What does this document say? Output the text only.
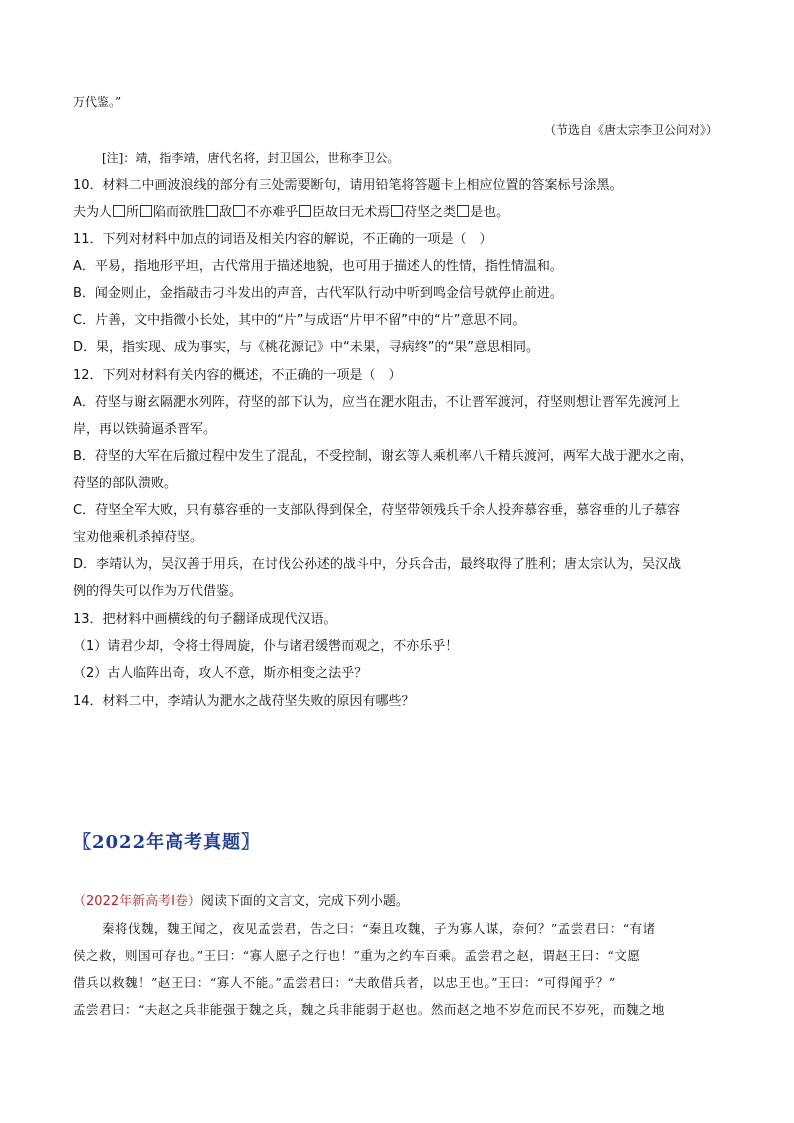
万代鉴。”
（节选自《唐太宗李卫公问对》）
[注]：靖，指李靖，唐代名将，封卫国公，世称李卫公。
10．材料二中画波浪线的部分有三处需要断句，请用铅笔将答题卡上相应位置的答案标号涂黑。
夫为人 所 陷而欲胜 敌 不亦难乎 臣故曰无术焉 苻坚之类 是也。
11．下列对材料中加点的词语及相关内容的解说，不正确的一项是（　）
A．平易，指地形平坦，古代常用于描述地貌，也可用于描述人的性情，指性情温和。
B．闻金则止，金指敲击刁斗发出的声音，古代军队行动中听到鸣金信号就停止前进。
C．片善，文中指微小长处，其中的“片”与成语“片甲不留”中的“片”意思不同。
D．果，指实现、成为事实，与《桃花源记》中“未果，寻病终”的“果”意思相同。
12．下列对材料有关内容的概述，不正确的一项是（　）
A．苻坚与谢玄隔淝水列阵，苻坚的部下认为，应当在淝水阻击，不让晋军渡河，苻坚则想让晋军先渡河上
岸，再以铁骑逼杀晋军。
B．苻坚的大军在后撤过程中发生了混乱，不受控制，谢玄等人乘机率八千精兵渡河，两军大战于淝水之南，
苻坚的部队溃败。
C．苻坚全军大败，只有慕容垂的一支部队得到保全，苻坚带领残兵千余人投奔慕容垂，慕容垂的儿子慕容
宝劝他乘机杀掉苻坚。
D．李靖认为，吴汉善于用兵，在讨伐公孙述的战斗中，分兵合击，最终取得了胜利；唐太宗认为，吴汉战
例的得失可以作为万代借鉴。
13．把材料中画横线的句子翻译成现代汉语。
（1）请君少却，令将士得周旋，仆与诸君缓辔而观之，不亦乐乎！
（2）古人临阵出奇，攻人不意，斯亦相变之法乎？
14．材料二中，李靖认为淝水之战苻坚失败的原因有哪些？
〖2022年高考真题〗
（2022年新高考Ⅰ卷）阅读下面的文言文，完成下列小题。
秦将伐魏，魏王闻之，夜见孟尝君，告之曰：“秦且攻魏，子为寡人谋，奈何？”孟尝君曰：“有诸
侯之救，则国可存也。”王曰：“寡人愿子之行也！”重为之约车百乘。孟尝君之赵，谓赵王曰：“文愿
借兵以救魏！”赵王曰：“寡人不能。”孟尝君曰：“夫敢借兵者，以忠王也。”王曰：“可得闻乎？”
孟尝君曰：“夫赵之兵非能强于魏之兵，魏之兵非能弱于赵也。然而赵之地不岁危而民不岁死，而魏之地
